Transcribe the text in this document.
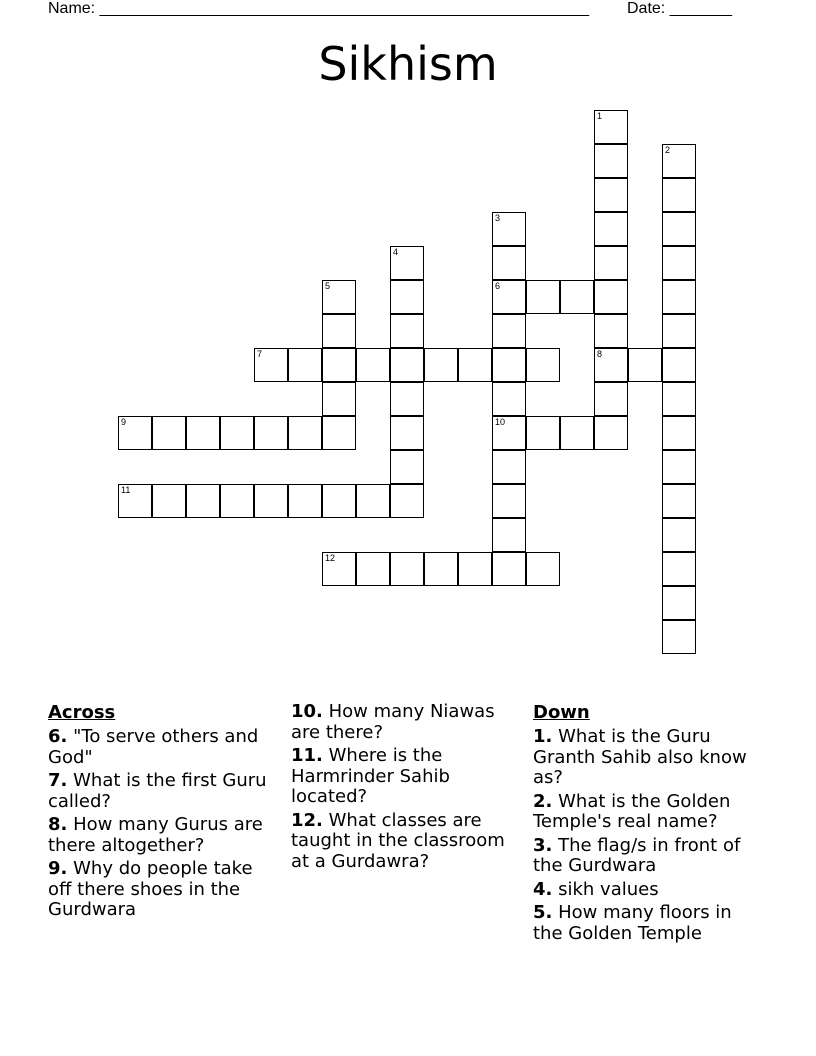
Name: _______________________________________________________ Date: _______
Sikhism
1
8
2
3
6
10
4
5
7
9
11
12
Across
6. "To serve others and God"
7. What is the first Guru called?
8. How many Gurus are there altogether?
9. Why do people take off there shoes in the Gurdwara
10. How many Niawas are there?
11. Where is the Harmrinder Sahib located?
12. What classes are taught in the classroom at a Gurdawra?
Down
1. What is the Guru Granth Sahib also know as?
2. What is the Golden Temple's real name?
3. The flag/s in front of the Gurdwara
4. sikh values
5. How many floors in the Golden Temple
